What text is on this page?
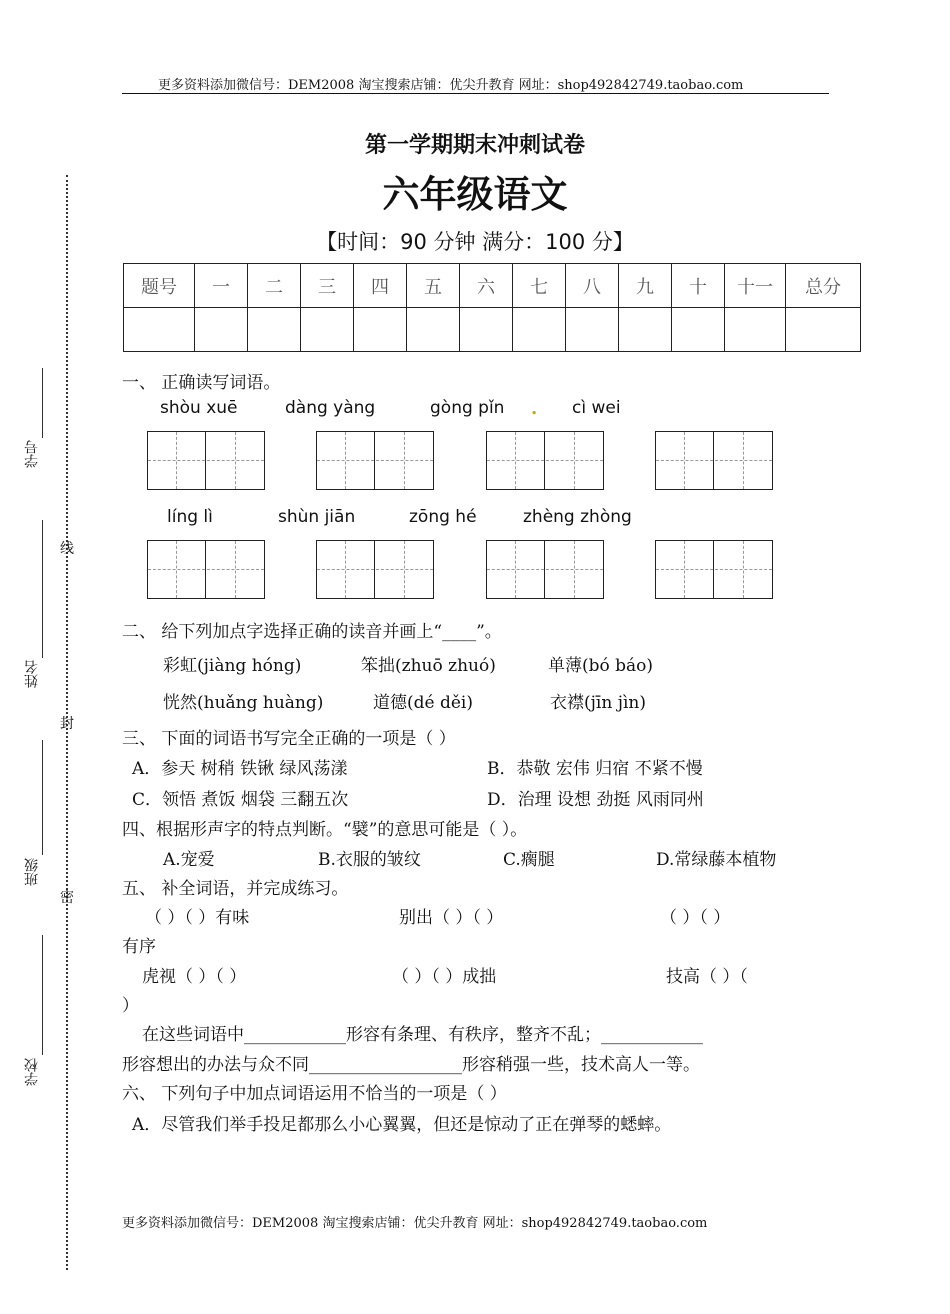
更多资料添加微信号：DEM2008 淘宝搜索店铺：优尖升教育 网址：shop492842749.taobao.com
更多资料添加微信号：DEM2008 淘宝搜索店铺：优尖升教育 网址：shop492842749.taobao.com
学号
姓名
班级
学校
线
封
密
第一学期期末冲刺试卷
六年级语文
【时间：90 分钟 满分：100 分】
题号	一	二	三	四	五	六	七	八	九	十	十一	总分

一、 正确读写词语。
shòu xuē	dàng yàng	gòng pǐn . cì wei
líng lì	shùn jiān	zōng hé	zhèng zhòng
二、 给下列加点字选择正确的读音并画上“____”。
彩虹(jiàng hóng)	笨拙(zhuō zhuó)	单薄(bó báo)
恍然(huǎng huàng)	道德(dé děi)	衣襟(jīn jìn)
三、 下面的词语书写完全正确的一项是（ ）
A．参天 树稍 铁锹 绿风荡漾	B．恭敬 宏伟 归宿 不紧不慢
C．领悟 煮饭 烟袋 三翻五次	D．治理 设想 劲挺 风雨同州
四、根据形声字的特点判断。“襞”的意思可能是（ ）。
A.宠爱	B.衣服的皱纹	C.瘸腿	D.常绿藤本植物
五、 补全词语，并完成练习。
（ ）（ ）有味	别出（ ）（ ）	（ ）（ ）
有序
虎视（ ）（ ）	（ ）（ ）成拙	技高（ ）（
）
在这些词语中____________形容有条理、有秩序，整齐不乱；____________
形容想出的办法与众不同__________________形容稍强一些，技术高人一等。
六、 下列句子中加点词语运用不恰当的一项是（ ）
A．尽管我们举手投足都那么小心翼翼，但还是惊动了正在弹琴的蟋蟀。
